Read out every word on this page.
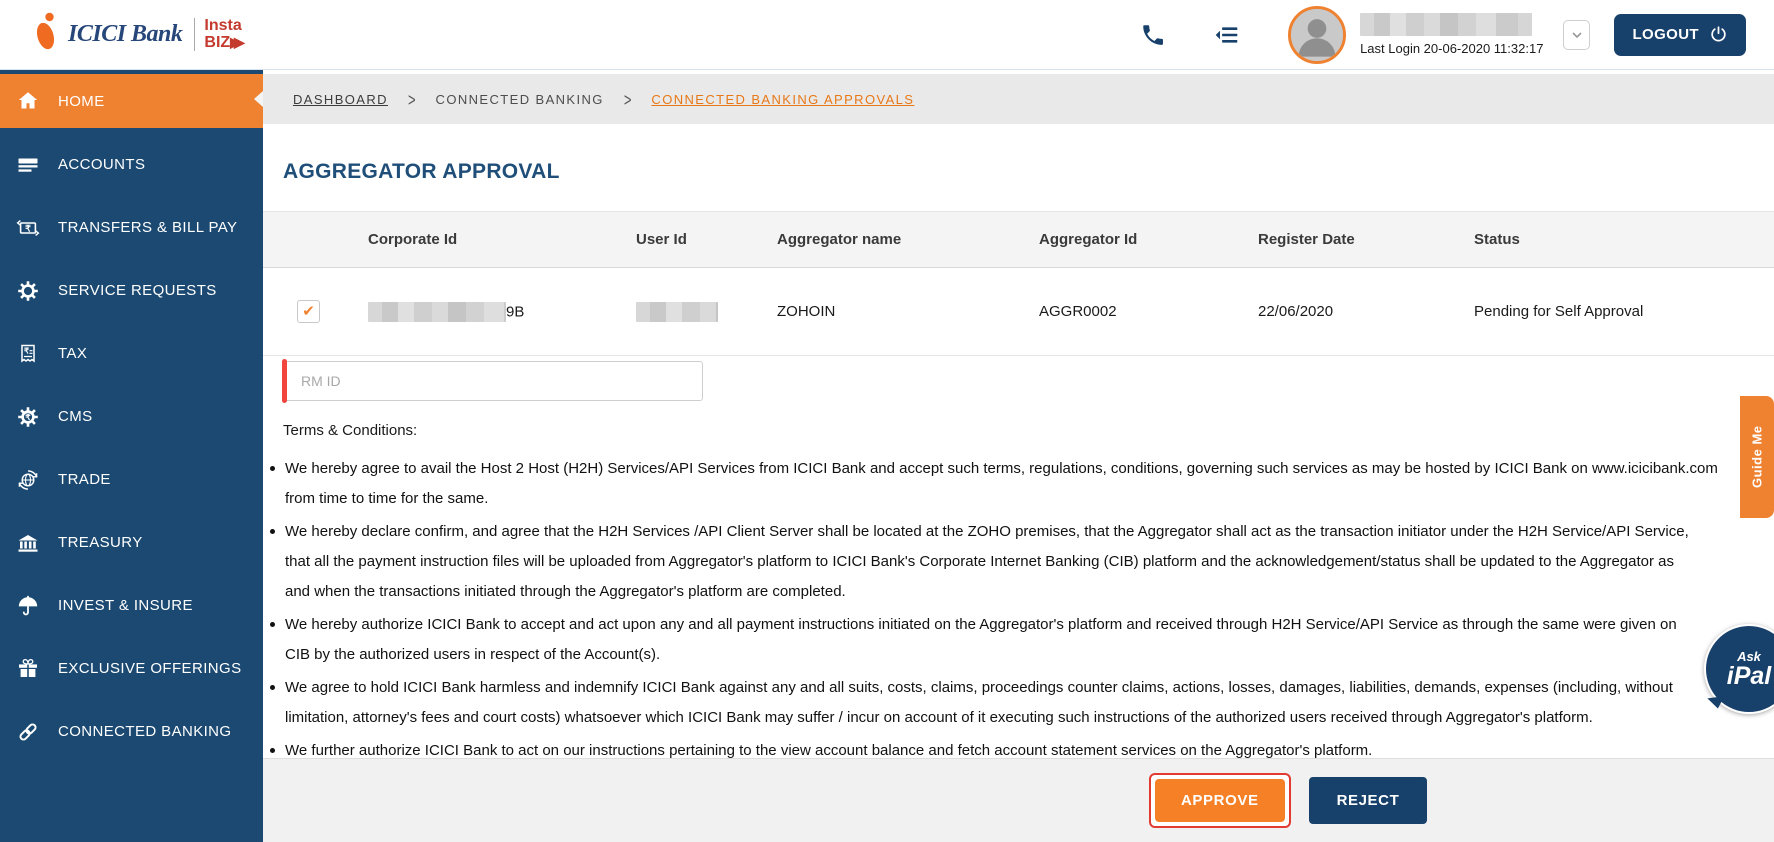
ICICI Bank	Insta
BIZ▶▶	Last Login 20-06-2020 11:32:17
LOGOUT
HOME
ACCOUNTS
₹ TRANSFERS & BILL PAY
SERVICE REQUESTS
₹ TAX
₹ CMS
TRADE
TREASURY
INVEST & INSURE
EXCLUSIVE OFFERINGS
CONNECTED BANKING
DASHBOARD > CONNECTED BANKING > CONNECTED BANKING APPROVALS
AGGREGATOR APPROVAL
	Corporate Id	User Id	Aggregator name	Aggregator Id	Register Date	Status

✔	9B		ZOHOIN	AGGR0002	22/06/2020	Pending for Self Approval
RM ID
Terms & Conditions:
We hereby agree to avail the Host 2 Host (H2H) Services/API Services from ICICI Bank and accept such terms, regulations, conditions, governing such services as may be hosted by ICICI Bank on www.icicibank.com
from time to time for the same.
We hereby declare confirm, and agree that the H2H Services /API Client Server shall be located at the ZOHO premises, that the Aggregator shall act as the transaction initiator under the H2H Service/API Service,
that all the payment instruction files will be uploaded from Aggregator's platform to ICICI Bank's Corporate Internet Banking (CIB) platform and the acknowledgement/status shall be updated to the Aggregator as
and when the transactions initiated through the Aggregator's platform are completed.
We hereby authorize ICICI Bank to accept and act upon any and all payment instructions initiated on the Aggregator's platform and received through H2H Service/API Service as through the same were given on
CIB by the authorized users in respect of the Account(s).
We agree to hold ICICI Bank harmless and indemnify ICICI Bank against any and all suits, costs, claims, proceedings counter claims, actions, losses, damages, liabilities, demands, expenses (including, without
limitation, attorney's fees and court costs) whatsoever which ICICI Bank may suffer / incur on account of it executing such instructions of the authorized users received through Aggregator's platform.
We further authorize ICICI Bank to act on our instructions pertaining to the view account balance and fetch account statement services on the Aggregator's platform.
APPROVE	REJECT
Guide Me
Ask
iPal
